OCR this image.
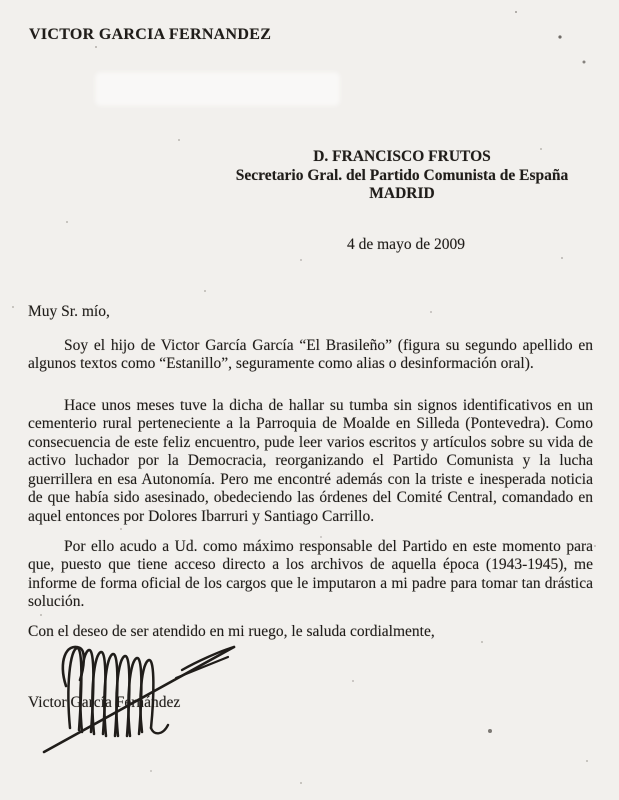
VICTOR GARCIA FERNANDEZ
D. FRANCISCO FRUTOS
Secretario Gral. del Partido Comunista de España
MADRID
4 de mayo de 2009
Muy Sr. mío,

Soy el hijo de Victor García García “El Brasileño” (figura su segundo apellido en algunos textos como “Estanillo”, seguramente como alias o desinformación oral).

Hace unos meses tuve la dicha de hallar su tumba sin signos identificativos en un cementerio rural perteneciente a la Parroquia de Moalde en Silleda (Pontevedra). Como consecuencia de este feliz encuentro, pude leer varios escritos y artículos sobre su vida de activo luchador por la Democracia, reorganizando el Partido Comunista y la lucha guerrillera en esa Autonomía. Pero me encontré además con la triste e inesperada noticia de que había sido asesinado, obedeciendo las órdenes del Comité Central, comandado en aquel entonces por Dolores Ibarruri y Santiago Carrillo.

Por ello acudo a Ud. como máximo responsable del Partido en este momento para que, puesto que tiene acceso directo a los archivos de aquella época (1943-1945), me informe de forma oficial de los cargos que le imputaron a mi padre para tomar tan drástica solución.

Con el deseo de ser atendido en mi ruego, le saluda cordialmente,
Victor García Fernández
